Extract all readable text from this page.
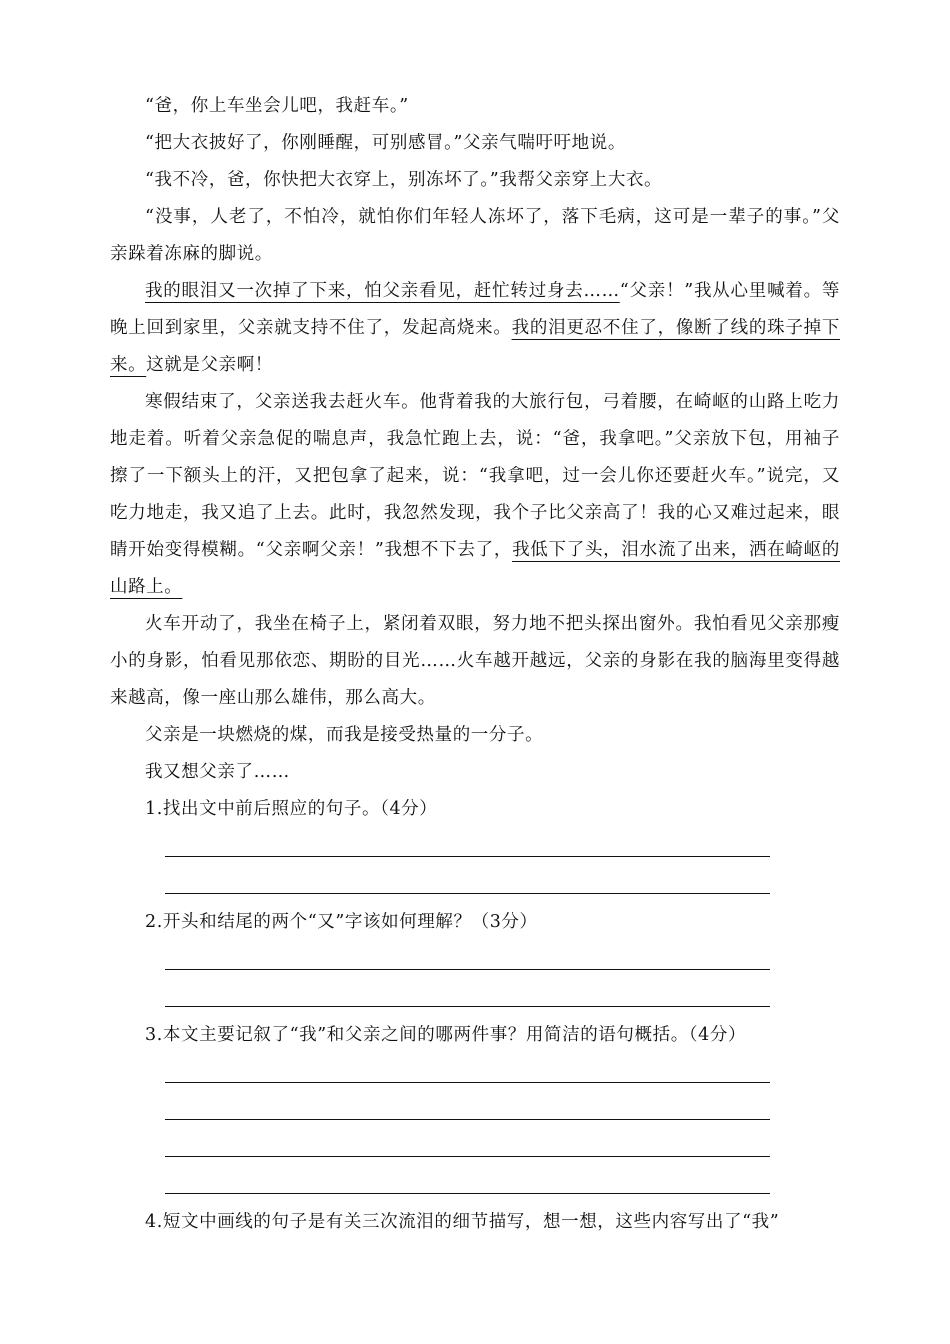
“爸，你上车坐会儿吧，我赶车。”

“把大衣披好了，你刚睡醒，可别感冒。”父亲气喘吁吁地说。

“我不冷，爸，你快把大衣穿上，别冻坏了。”我帮父亲穿上大衣。

“没事，人老了，不怕冷，就怕你们年轻人冻坏了，落下毛病，这可是一辈子的事。”父亲跺着冻麻的脚说。

我的眼泪又一次掉了下来，怕父亲看见，赶忙转过身去……“父亲！”我从心里喊着。等晚上回到家里，父亲就支持不住了，发起高烧来。我的泪更忍不住了，像断了线的珠子掉下来。这就是父亲啊！

寒假结束了，父亲送我去赶火车。他背着我的大旅行包，弓着腰，在崎岖的山路上吃力地走着。听着父亲急促的喘息声，我急忙跑上去，说：“爸，我拿吧。”父亲放下包，用袖子擦了一下额头上的汗，又把包拿了起来，说：“我拿吧，过一会儿你还要赶火车。”说完，又吃力地走，我又追了上去。此时，我忽然发现，我个子比父亲高了！我的心又难过起来，眼睛开始变得模糊。“父亲啊父亲！”我想不下去了，我低下了头，泪水流了出来，洒在崎岖的山路上。

火车开动了，我坐在椅子上，紧闭着双眼，努力地不把头探出窗外。我怕看见父亲那瘦小的身影，怕看见那依恋、期盼的目光……火车越开越远，父亲的身影在我的脑海里变得越来越高，像一座山那么雄伟，那么高大。

父亲是一块燃烧的煤，而我是接受热量的一分子。

我又想父亲了……

1.找出文中前后照应的句子。（4分）

2.开头和结尾的两个“又”字该如何理解？（3分）

3.本文主要记叙了“我”和父亲之间的哪两件事？用简洁的语句概括。（4分）

4.短文中画线的句子是有关三次流泪的细节描写，想一想，这些内容写出了“我”
